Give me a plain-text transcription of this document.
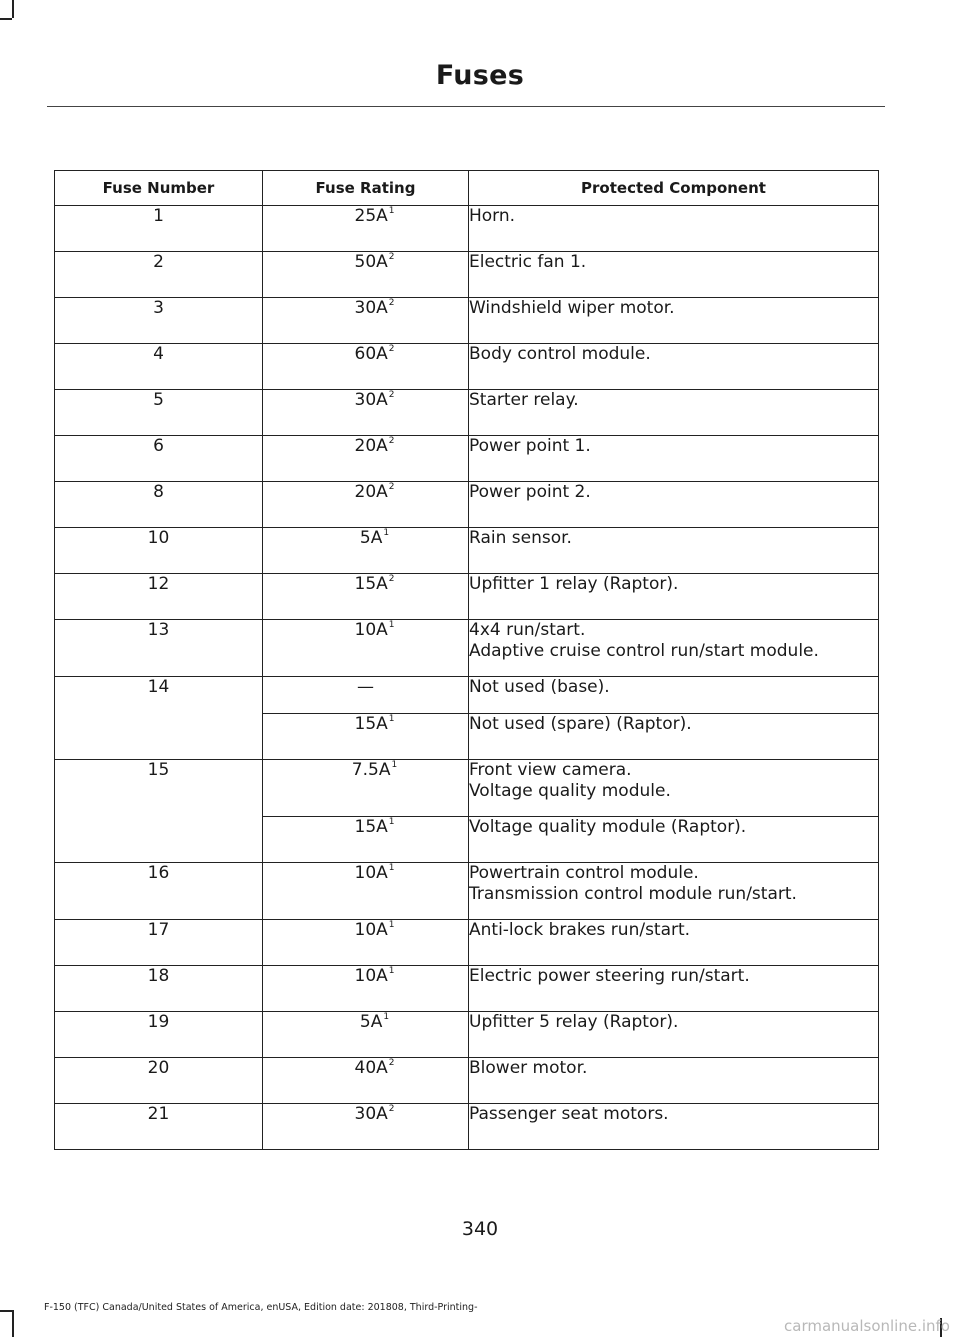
Fuses
Fuse Number	Fuse Rating	Protected Component
1	$25A^1$	Horn.

2	$50A^2$	Electric fan 1.

3	$30A^2$	Windshield wiper motor.

4	$60A^2$	Body control module.

5	$30A^2$	Starter relay.

6	$20A^2$	Power point 1.

8	$20A^2$	Power point 2.

10	$5A^1$	Rain sensor.

12	$15A^2$	Upfitter 1 relay (Raptor).

13	$10A^1$	4x4 run/start.
Adaptive cruise control run/start module.

14	—	Not used (base).

	$15A^1$	Not used (spare) (Raptor).

15	$7.5A^1$	Front view camera.
Voltage quality module.

	$15A^1$	Voltage quality module (Raptor).

16	$10A^1$	Powertrain control module.
Transmission control module run/start.

17	$10A^1$	Anti-lock brakes run/start.

18	$10A^1$	Electric power steering run/start.

19	$5A^1$	Upfitter 5 relay (Raptor).

20	$40A^2$	Blower motor.

21	$30A^2$	Passenger seat motors.
340
F-150 (TFC) Canada/United States of America, enUSA, Edition date: 201808, Third-Printing-
carmanualsonline.info
